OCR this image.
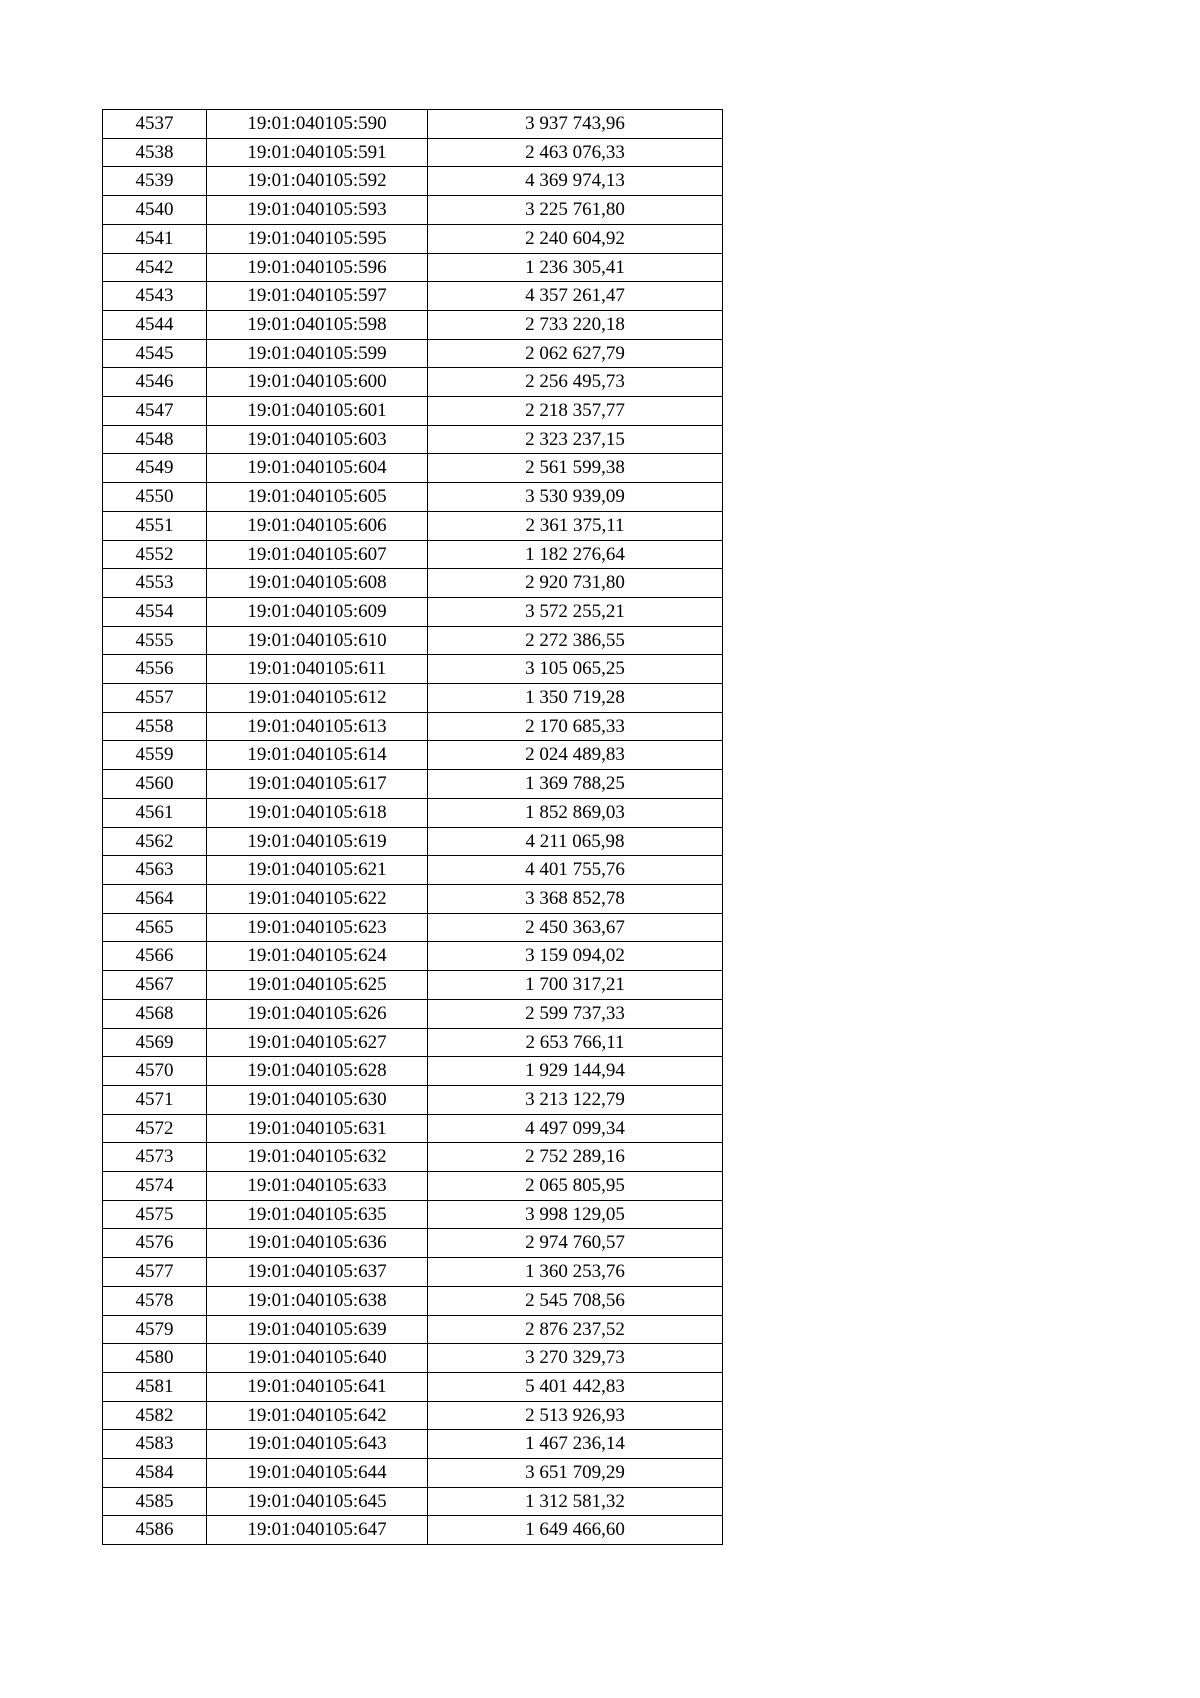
4537	19:01:040105:590	3 937 743,96
4538	19:01:040105:591	2 463 076,33
4539	19:01:040105:592	4 369 974,13
4540	19:01:040105:593	3 225 761,80
4541	19:01:040105:595	2 240 604,92
4542	19:01:040105:596	1 236 305,41
4543	19:01:040105:597	4 357 261,47
4544	19:01:040105:598	2 733 220,18
4545	19:01:040105:599	2 062 627,79
4546	19:01:040105:600	2 256 495,73
4547	19:01:040105:601	2 218 357,77
4548	19:01:040105:603	2 323 237,15
4549	19:01:040105:604	2 561 599,38
4550	19:01:040105:605	3 530 939,09
4551	19:01:040105:606	2 361 375,11
4552	19:01:040105:607	1 182 276,64
4553	19:01:040105:608	2 920 731,80
4554	19:01:040105:609	3 572 255,21
4555	19:01:040105:610	2 272 386,55
4556	19:01:040105:611	3 105 065,25
4557	19:01:040105:612	1 350 719,28
4558	19:01:040105:613	2 170 685,33
4559	19:01:040105:614	2 024 489,83
4560	19:01:040105:617	1 369 788,25
4561	19:01:040105:618	1 852 869,03
4562	19:01:040105:619	4 211 065,98
4563	19:01:040105:621	4 401 755,76
4564	19:01:040105:622	3 368 852,78
4565	19:01:040105:623	2 450 363,67
4566	19:01:040105:624	3 159 094,02
4567	19:01:040105:625	1 700 317,21
4568	19:01:040105:626	2 599 737,33
4569	19:01:040105:627	2 653 766,11
4570	19:01:040105:628	1 929 144,94
4571	19:01:040105:630	3 213 122,79
4572	19:01:040105:631	4 497 099,34
4573	19:01:040105:632	2 752 289,16
4574	19:01:040105:633	2 065 805,95
4575	19:01:040105:635	3 998 129,05
4576	19:01:040105:636	2 974 760,57
4577	19:01:040105:637	1 360 253,76
4578	19:01:040105:638	2 545 708,56
4579	19:01:040105:639	2 876 237,52
4580	19:01:040105:640	3 270 329,73
4581	19:01:040105:641	5 401 442,83
4582	19:01:040105:642	2 513 926,93
4583	19:01:040105:643	1 467 236,14
4584	19:01:040105:644	3 651 709,29
4585	19:01:040105:645	1 312 581,32
4586	19:01:040105:647	1 649 466,60
